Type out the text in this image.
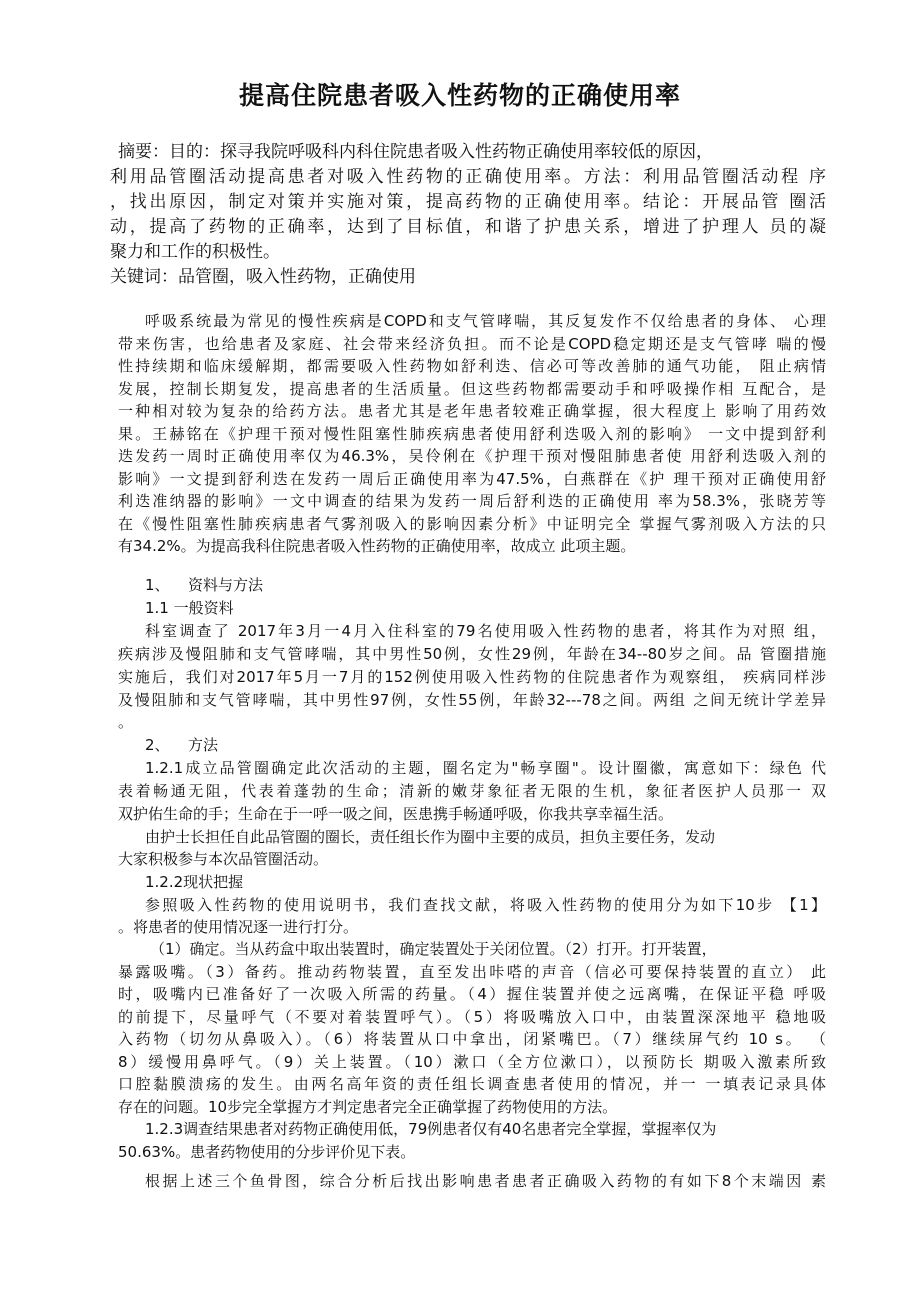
提高住院患者吸入性药物的正确使用率
摘要：目的：探寻我院呼吸科内科住院患者吸入性药物正确使用率较低的原因，
利用品管圈活动提高患者对吸入性药物的正确使用率。方法：利用品管圈活动程 序
，找出原因，制定对策并实施对策，提高药物的正确使用率。结论：开展品管 圈活
动，提高了药物的正确率，达到了目标值，和谐了护患关系，增进了护理人 员的凝
聚力和工作的积极性。
关键词：品管圈，吸入性药物，正确使用
呼吸系统最为常见的慢性疾病是COPD和支气管哮喘，其反复发作不仅给患者的身体、 心理
带来伤害，也给患者及家庭、社会带来经济负担。而不论是COPD稳定期还是支气管哮 喘的慢
性持续期和临床缓解期，都需要吸入性药物如舒利迭、信必可等改善肺的通气功能， 阻止病情
发展，控制长期复发，提高患者的生活质量。但这些药物都需要动手和呼吸操作相 互配合，是
一种相对较为复杂的给药方法。患者尤其是老年患者较难正确掌握，很大程度上 影响了用药效
果。王赫铭在《护理干预对慢性阻塞性肺疾病患者使用舒利迭吸入剂的影响》 一文中提到舒利
迭发药一周时正确使用率仅为46.3%，吴伶俐在《护理干预对慢阻肺患者使 用舒利迭吸入剂的
影响》一文提到舒利迭在发药一周后正确使用率为47.5%，白燕群在《护 理干预对正确使用舒
利迭准纳器的影响》一文中调查的结果为发药一周后舒利迭的正确使用 率为58.3%，张晓芳等
在《慢性阻塞性肺疾病患者气雾剂吸入的影响因素分析》中证明完全 掌握气雾剂吸入方法的只
有34.2%。为提高我科住院患者吸入性药物的正确使用率，故成立 此项主题。
1、	资料与方法
1.1 一般资料
科室调查了 2017年3月一4月入住科室的79名使用吸入性药物的患者，将其作为对照 组，
疾病涉及慢阻肺和支气管哮喘，其中男性50例，女性29例，年龄在34--80岁之间。品 管圈措施
实施后，我们对2017年5月一7月的152例使用吸入性药物的住院患者作为观察组， 疾病同样涉
及慢阻肺和支气管哮喘，其中男性97例，女性55例，年龄32---78之间。两组 之间无统计学差异
。
2、	方法
1.2.1成立品管圈确定此次活动的主题，圈名定为"畅享圈"。设计圈徽，寓意如下：绿色 代
表着畅通无阻，代表着蓬勃的生命；清新的嫩芽象征者无限的生机，象征者医护人员那一 双
双护佑生命的手；生命在于一呼一吸之间，医患携手畅通呼吸，你我共享幸福生活。
由护士长担任自此品管圈的圈长，责任组长作为圈中主要的成员，担负主要任务，发动
大家积极参与本次品管圈活动。
1.2.2现状把握
参照吸入性药物的使用说明书，我们查找文献，将吸入性药物的使用分为如下10步 【1】
。将患者的使用情况逐一进行打分。
（1）确定。当从药盒中取出装置时，确定装置处于关闭位置。（2）打开。打开装置，
暴露吸嘴。（3）备药。推动药物装置，直至发出咔嗒的声音（信必可要保持装置的直立） 此
时，吸嘴内已准备好了一次吸入所需的药量。（4）握住装置并使之远离嘴，在保证平稳 呼吸
的前提下，尽量呼气（不要对着装置呼气）。（5）将吸嘴放入口中，由装置深深地平 稳地吸
入药物（切勿从鼻吸入）。（6）将装置从口中拿出，闭紧嘴巴。（7）继续屏气约 10 s。 （
8）缓慢用鼻呼气。（9）关上装置。（10）漱口（全方位漱口），以预防长 期吸入激素所致
口腔黏膜溃疡的发生。由两名高年资的责任组长调查患者使用的情况，并一 一填表记录具体
存在的问题。10步完全掌握方才判定患者完全正确掌握了药物使用的方法。
1.2.3调查结果患者对药物正确使用低，79例患者仅有40名患者完全掌握，掌握率仅为
50.63%。患者药物使用的分步评价见下表。
根据上述三个鱼骨图，综合分析后找出影响患者患者正确吸入药物的有如下8个末端因 素
